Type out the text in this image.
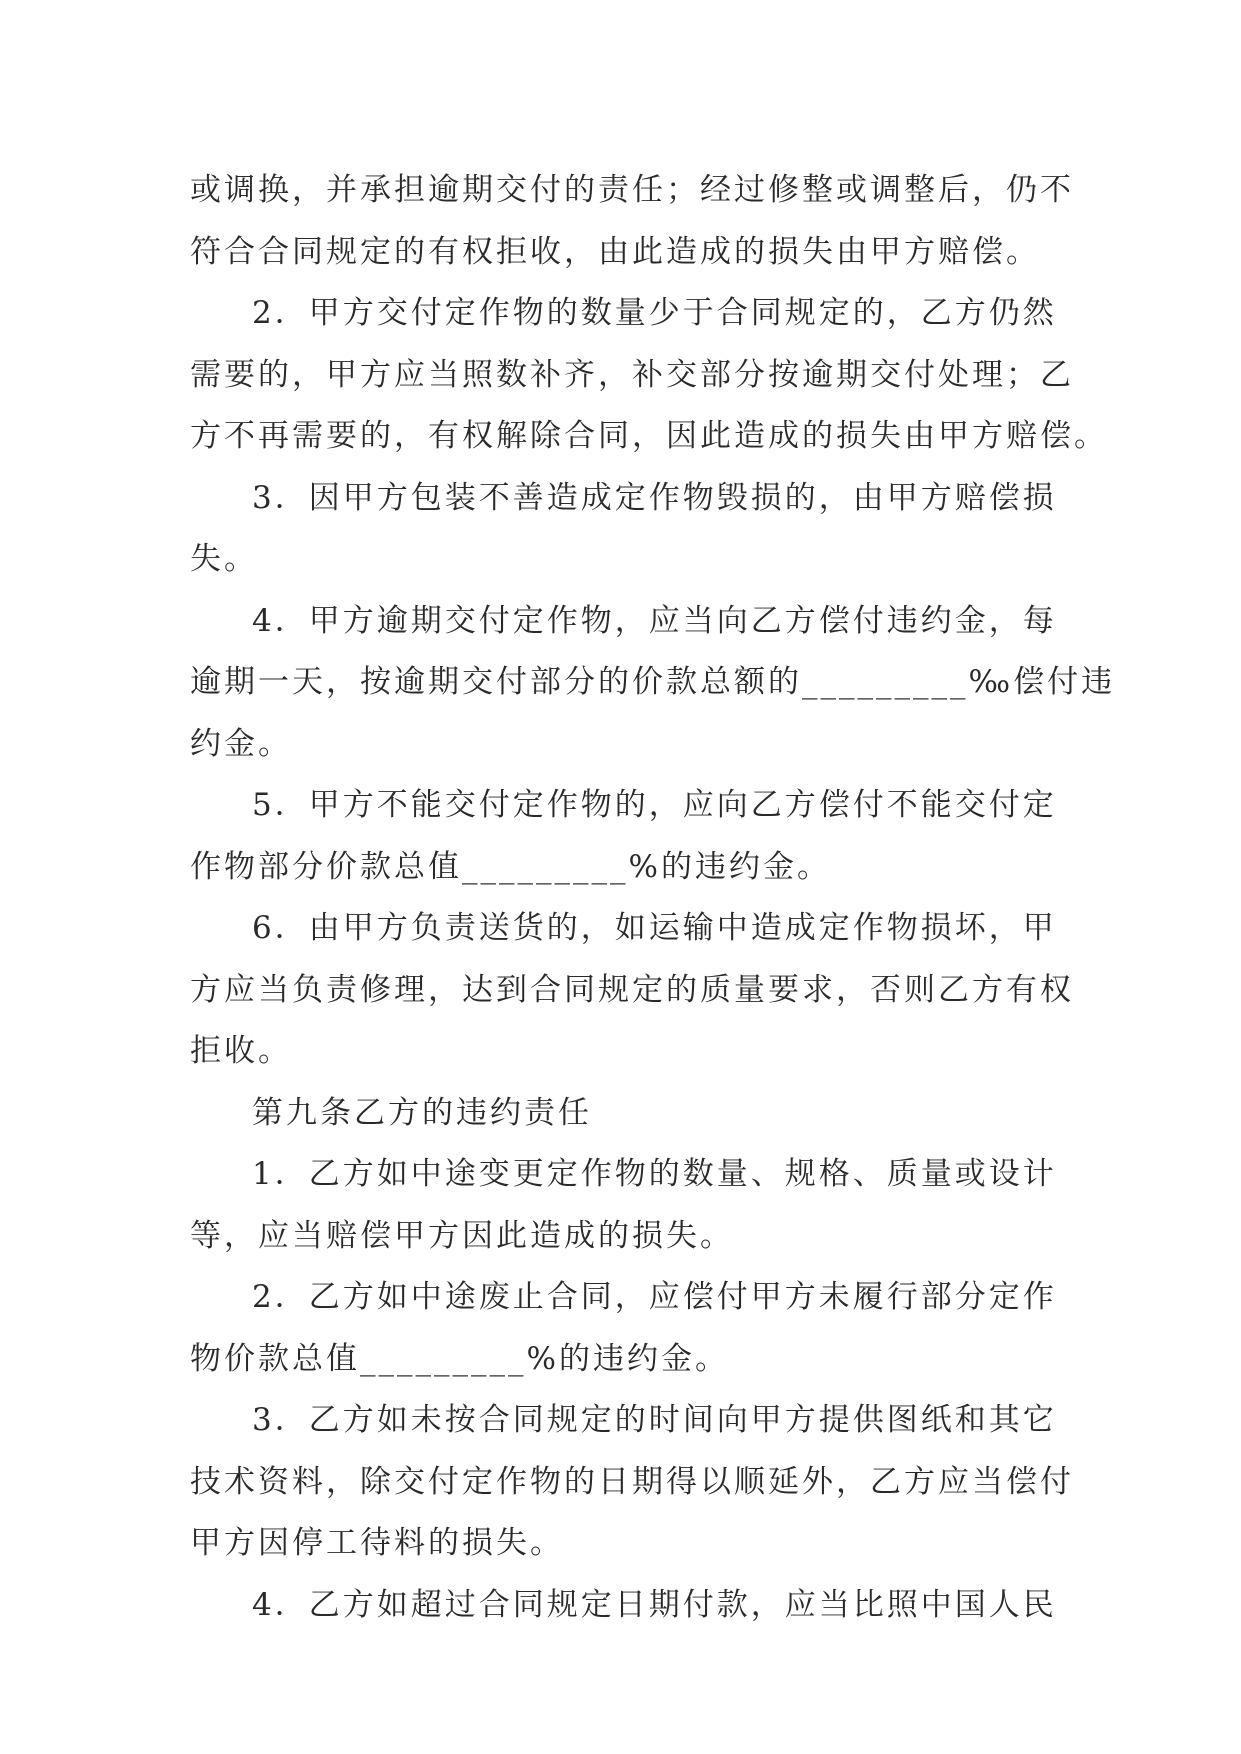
或调换，并承担逾期交付的责任；经过修整或调整后，仍不
符合合同规定的有权拒收，由此造成的损失由甲方赔偿。
2．甲方交付定作物的数量少于合同规定的，乙方仍然
需要的，甲方应当照数补齐，补交部分按逾期交付处理；乙
方不再需要的，有权解除合同，因此造成的损失由甲方赔偿。
3．因甲方包装不善造成定作物毁损的，由甲方赔偿损
失。
4．甲方逾期交付定作物，应当向乙方偿付违约金，每
逾期一天，按逾期交付部分的价款总额的_________‰偿付违
约金。
5．甲方不能交付定作物的，应向乙方偿付不能交付定
作物部分价款总值_________%的违约金。
6．由甲方负责送货的，如运输中造成定作物损坏，甲
方应当负责修理，达到合同规定的质量要求，否则乙方有权
拒收。
第九条乙方的违约责任
1．乙方如中途变更定作物的数量、规格、质量或设计
等，应当赔偿甲方因此造成的损失。
2．乙方如中途废止合同，应偿付甲方未履行部分定作
物价款总值_________%的违约金。
3．乙方如未按合同规定的时间向甲方提供图纸和其它
技术资料，除交付定作物的日期得以顺延外，乙方应当偿付
甲方因停工待料的损失。
4．乙方如超过合同规定日期付款，应当比照中国人民
